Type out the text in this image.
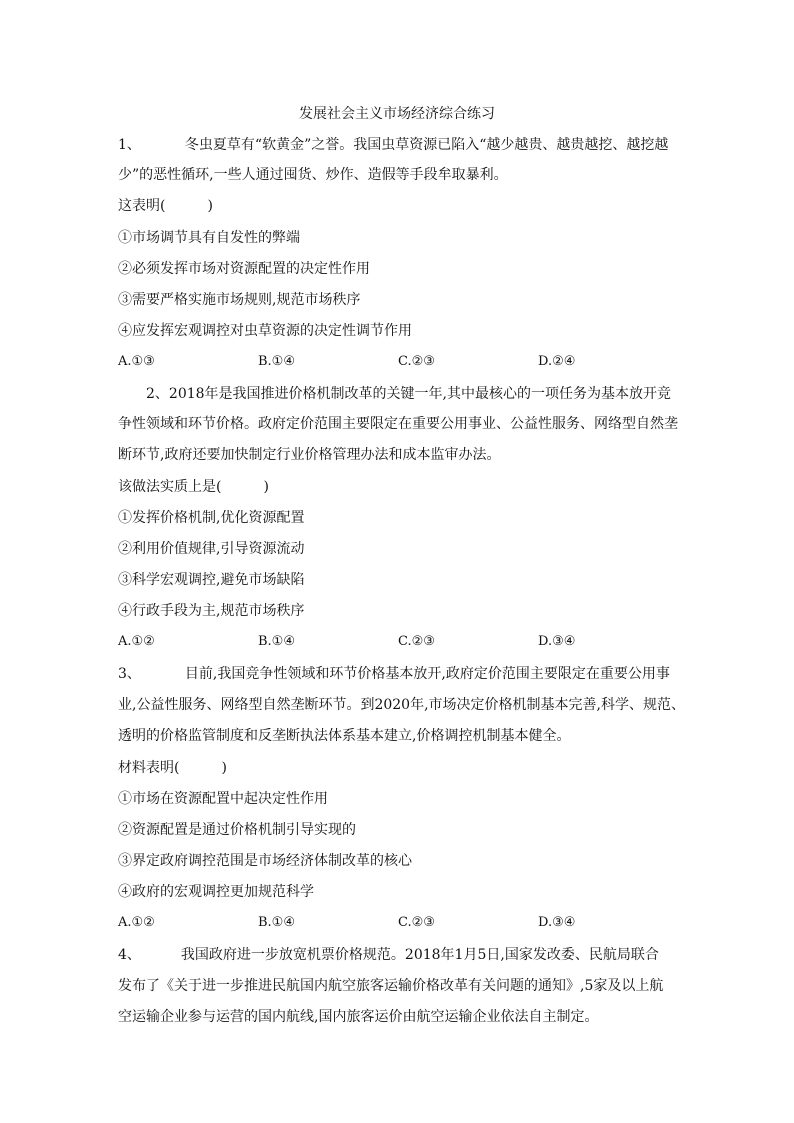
发展社会主义市场经济综合练习
1、	冬虫夏草有“软黄金”之誉。我国虫草资源已陷入“越少越贵、越贵越挖、越挖越
少”的恶性循环,一些人通过囤货、炒作、造假等手段牟取暴利。
这表明(　　　)
①市场调节具有自发性的弊端
②必须发挥市场对资源配置的决定性作用
③需要严格实施市场规则,规范市场秩序
④应发挥宏观调控对虫草资源的决定性调节作用
A.①③	B.①④	C.②③	D.②④
2、2018年是我国推进价格机制改革的关键一年,其中最核心的一项任务为基本放开竞
争性领域和环节价格。政府定价范围主要限定在重要公用事业、公益性服务、网络型自然垄
断环节,政府还要加快制定行业价格管理办法和成本监审办法。
该做法实质上是(　　　)
①发挥价格机制,优化资源配置
②利用价值规律,引导资源流动
③科学宏观调控,避免市场缺陷
④行政手段为主,规范市场秩序
A.①②	B.①④	C.②③	D.③④
3、	目前,我国竞争性领域和环节价格基本放开,政府定价范围主要限定在重要公用事
业,公益性服务、网络型自然垄断环节。到2020年,市场决定价格机制基本完善,科学、规范、
透明的价格监管制度和反垄断执法体系基本建立,价格调控机制基本健全。
材料表明(　　　)
①市场在资源配置中起决定性作用
②资源配置是通过价格机制引导实现的
③界定政府调控范围是市场经济体制改革的核心
④政府的宏观调控更加规范科学
A.①②	B.①④	C.②③	D.③④
4、	我国政府进一步放宽机票价格规范。2018年1月5日,国家发改委、民航局联合
发布了《关于进一步推进民航国内航空旅客运输价格改革有关问题的通知》,5家及以上航
空运输企业参与运营的国内航线,国内旅客运价由航空运输企业依法自主制定。
